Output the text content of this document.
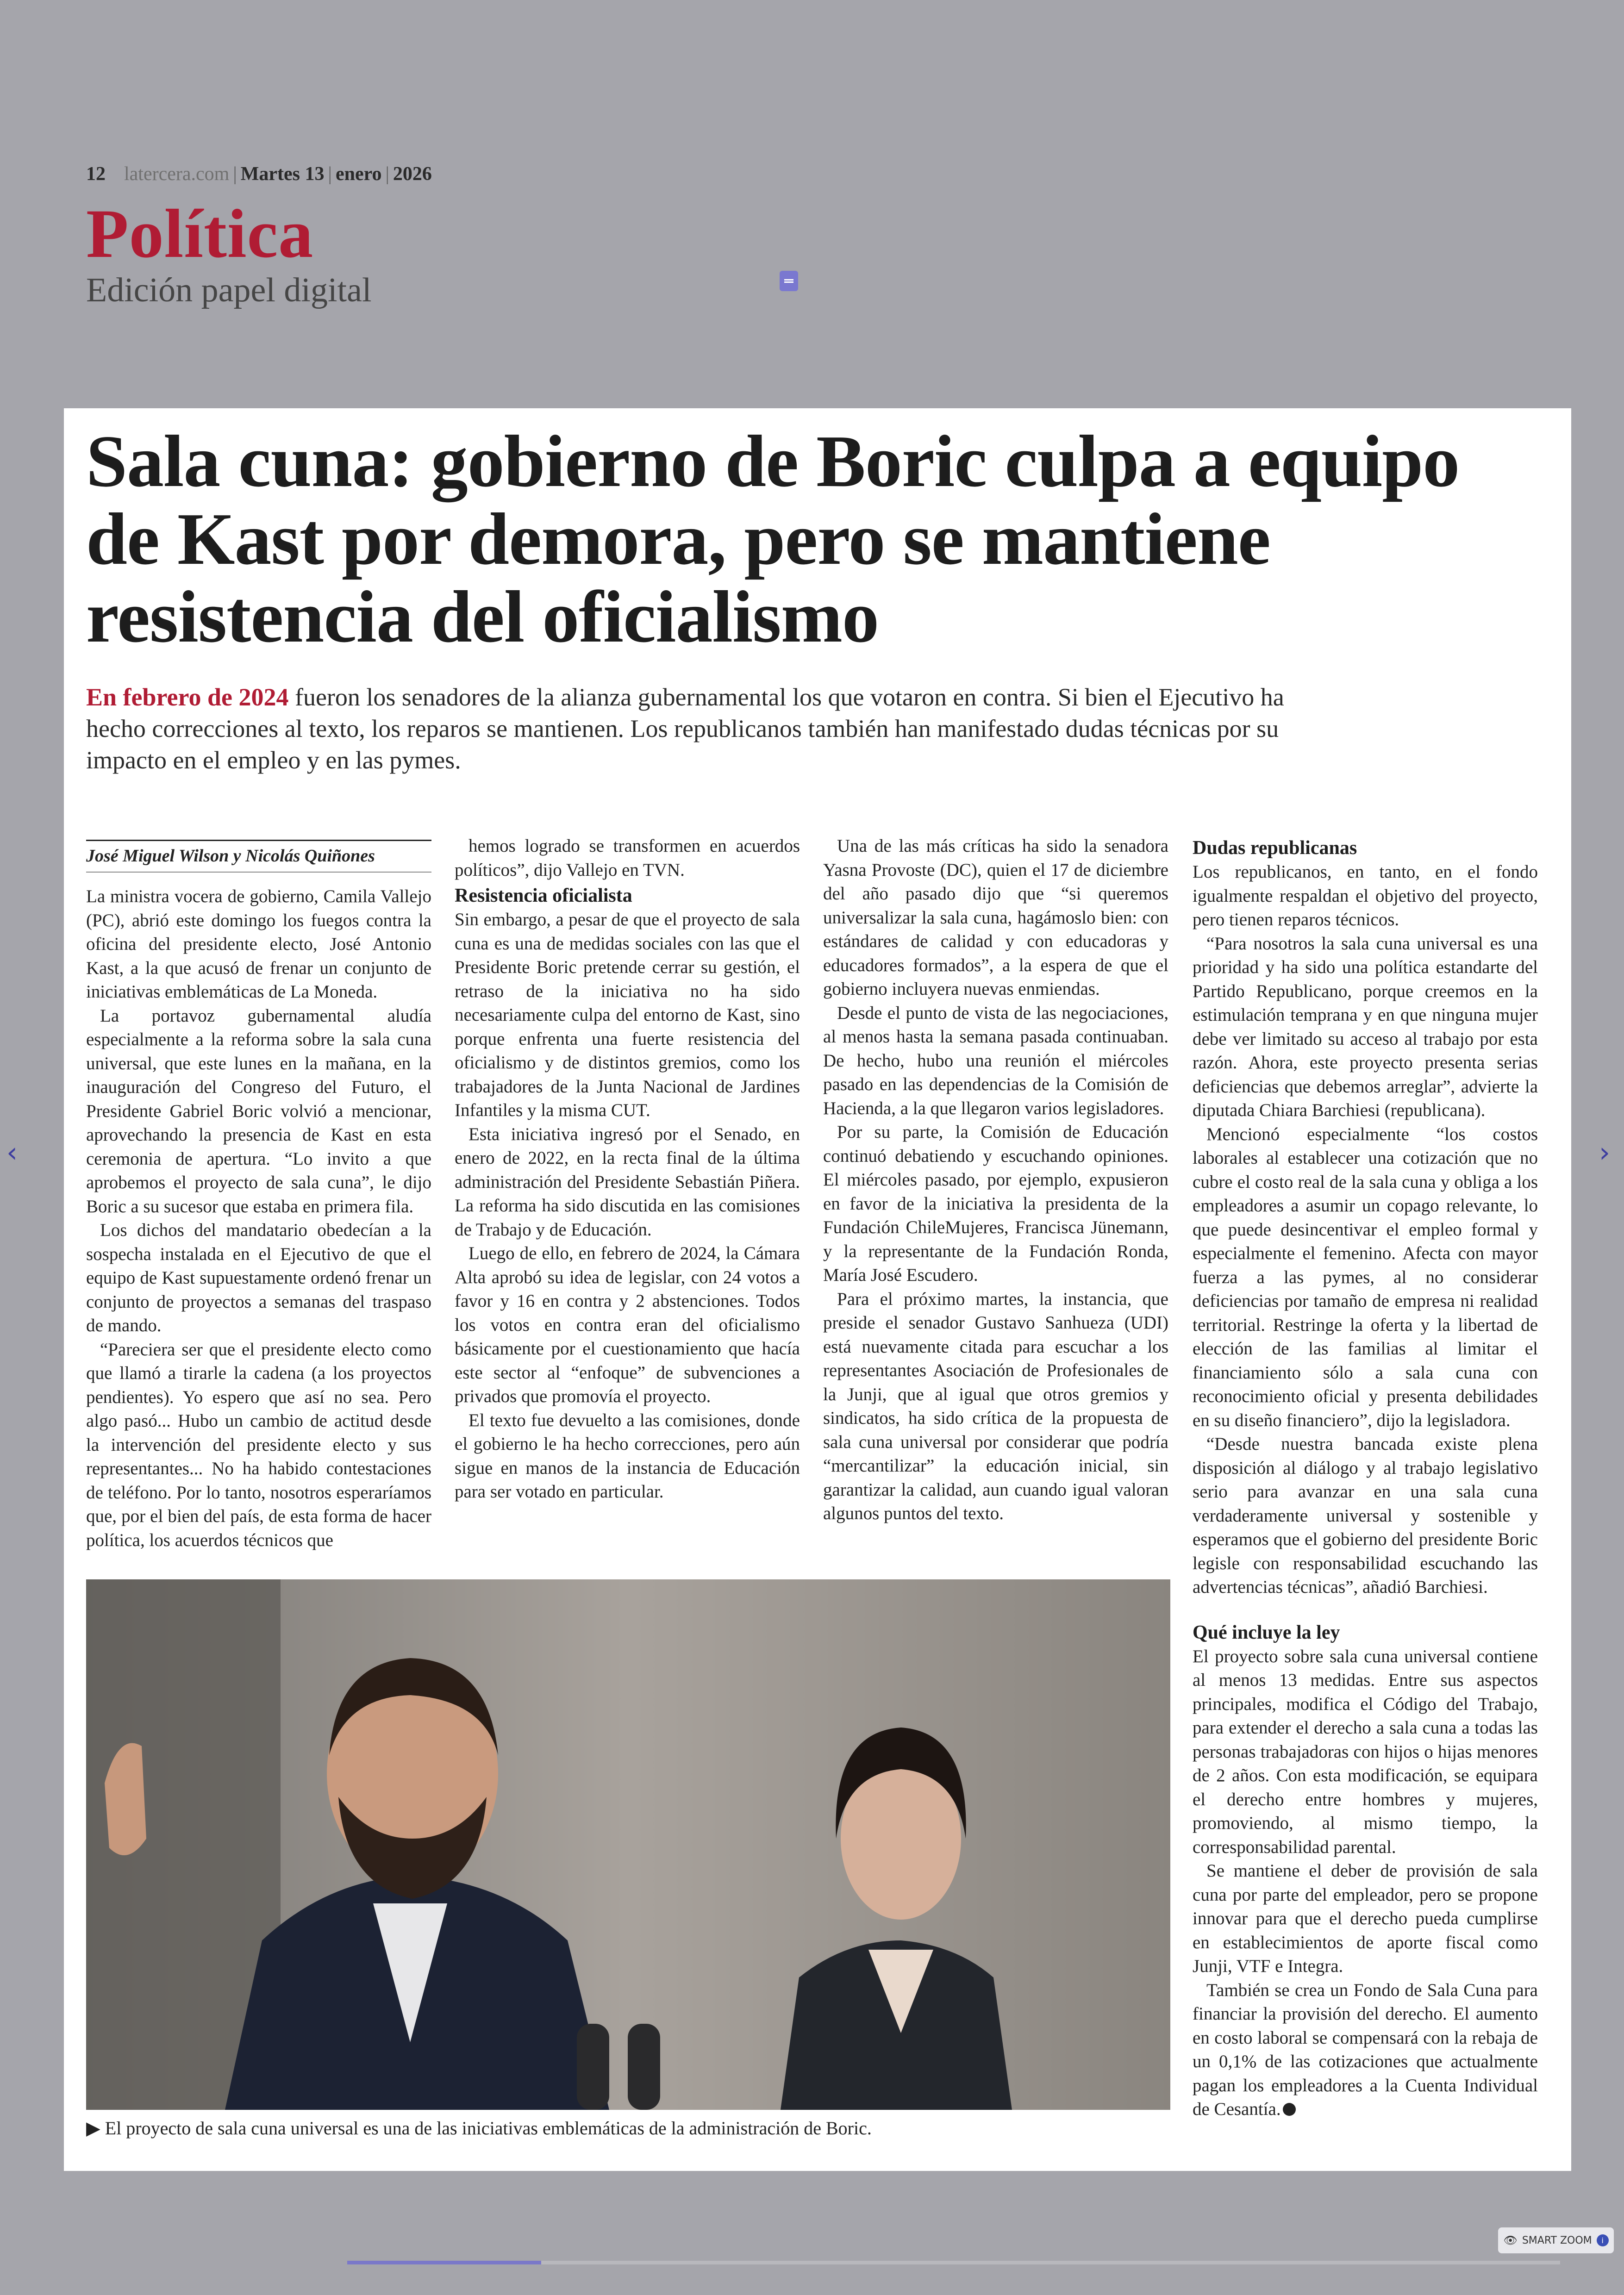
12 latercera.com | Martes 13 | enero | 2026
Política
Edición papel digital
Sala cuna: gobierno de Boric culpa a equipo de Kast por demora, pero se mantiene resistencia del oficialismo
En febrero de 2024 fueron los senadores de la alianza gubernamental los que votaron en contra. Si bien el Ejecutivo ha hecho correcciones al texto, los reparos se mantienen. Los republicanos también han manifestado dudas técnicas por su impacto en el empleo y en las pymes.
José Miguel Wilson y Nicolás Quiñones

La ministra vocera de gobierno, Camila Vallejo (PC), abrió este domingo los fuegos contra la oficina del presidente electo, José Antonio Kast, a la que acusó de frenar un conjunto de iniciativas emblemáticas de La Moneda.

La portavoz gubernamental aludía especialmente a la reforma sobre la sala cuna universal, que este lunes en la mañana, en la inauguración del Congreso del Futuro, el Presidente Gabriel Boric volvió a mencionar, aprovechando la presencia de Kast en esta ceremonia de apertura. “Lo invito a que aprobemos el proyecto de sala cuna”, le dijo Boric a su sucesor que estaba en primera fila.

Los dichos del mandatario obedecían a la sospecha instalada en el Ejecutivo de que el equipo de Kast supuestamente ordenó frenar un conjunto de proyectos a semanas del traspaso de mando.

“Pareciera ser que el presidente electo como que llamó a tirarle la cadena (a los proyectos pendientes). Yo espero que así no sea. Pero algo pasó... Hubo un cambio de actitud desde la intervención del presidente electo y sus representantes... No ha habido contestaciones de teléfono. Por lo tanto, nosotros esperaríamos que, por el bien del país, de esta forma de hacer política, los acuerdos técnicos que

hemos logrado se transformen en acuerdos políticos”, dijo Vallejo en TVN.

Resistencia oficialista

Sin embargo, a pesar de que el proyecto de sala cuna es una de medidas sociales con las que el Presidente Boric pretende cerrar su gestión, el retraso de la iniciativa no ha sido necesariamente culpa del entorno de Kast, sino porque enfrenta una fuerte resistencia del oficialismo y de distintos gremios, como los trabajadores de la Junta Nacional de Jardines Infantiles y la misma CUT.

Esta iniciativa ingresó por el Senado, en enero de 2022, en la recta final de la última administración del Presidente Sebastián Piñera. La reforma ha sido discutida en las comisiones de Trabajo y de Educación.

Luego de ello, en febrero de 2024, la Cámara Alta aprobó su idea de legislar, con 24 votos a favor y 16 en contra y 2 abstenciones. Todos los votos en contra eran del oficialismo básicamente por el cuestionamiento que hacía este sector al “enfoque” de subvenciones a privados que promovía el proyecto.

El texto fue devuelto a las comisiones, donde el gobierno le ha hecho correcciones, pero aún sigue en manos de la instancia de Educación para ser votado en particular.

Una de las más críticas ha sido la senadora Yasna Provoste (DC), quien el 17 de diciembre del año pasado dijo que “si queremos universalizar la sala cuna, hagámoslo bien: con estándares de calidad y con educadoras y educadores formados”, a la espera de que el gobierno incluyera nuevas enmiendas.

Desde el punto de vista de las negociaciones, al menos hasta la semana pasada continuaban. De hecho, hubo una reunión el miércoles pasado en las dependencias de la Comisión de Hacienda, a la que llegaron varios legisladores.

Por su parte, la Comisión de Educación continuó debatiendo y escuchando opiniones. El miércoles pasado, por ejemplo, expusieron en favor de la iniciativa la presidenta de la Fundación ChileMujeres, Francisca Jünemann, y la representante de la Fundación Ronda, María José Escudero.

Para el próximo martes, la instancia, que preside el senador Gustavo Sanhueza (UDI) está nuevamente citada para escuchar a los representantes Asociación de Profesionales de la Junji, que al igual que otros gremios y sindicatos, ha sido crítica de la propuesta de sala cuna universal por considerar que podría “mercantilizar” la educación inicial, sin garantizar la calidad, aun cuando igual valoran algunos puntos del texto.

Dudas republicanas

Los republicanos, en tanto, en el fondo igualmente respaldan el objetivo del proyecto, pero tienen reparos técnicos.

“Para nosotros la sala cuna universal es una prioridad y ha sido una política estandarte del Partido Republicano, porque creemos en la estimulación temprana y en que ninguna mujer debe ver limitado su acceso al trabajo por esta razón. Ahora, este proyecto presenta serias deficiencias que debemos arreglar”, advierte la diputada Chiara Barchiesi (republicana).

Mencionó especialmente “los costos laborales al establecer una cotización que no cubre el costo real de la sala cuna y obliga a los empleadores a asumir un copago relevante, lo que puede desincentivar el empleo formal y especialmente el femenino. Afecta con mayor fuerza a las pymes, al no considerar deficiencias por tamaño de empresa ni realidad territorial. Restringe la oferta y la libertad de elección de las familias al limitar el financiamiento sólo a sala cuna con reconocimiento oficial y presenta debilidades en su diseño financiero”, dijo la legisladora.

“Desde nuestra bancada existe plena disposición al diálogo y al trabajo legislativo serio para avanzar en una sala cuna verdaderamente universal y sostenible y esperamos que el gobierno del presidente Boric legisle con responsabilidad escuchando las advertencias técnicas”, añadió Barchiesi.

Qué incluye la ley

El proyecto sobre sala cuna universal contiene al menos 13 medidas. Entre sus aspectos principales, modifica el Código del Trabajo, para extender el derecho a sala cuna a todas las personas trabajadoras con hijos o hijas menores de 2 años. Con esta modificación, se equipara el derecho entre hombres y mujeres, promoviendo, al mismo tiempo, la corresponsabilidad parental.

Se mantiene el deber de provisión de sala cuna por parte del empleador, pero se propone innovar para que el derecho pueda cumplirse en establecimientos de aporte fiscal como Junji, VTF e Integra.

También se crea un Fondo de Sala Cuna para financiar la provisión del derecho. El aumento en costo laboral se compensará con la rebaja de un 0,1% de las cotizaciones que actualmente pagan los empleadores a la Cuenta Individual de Cesantía.

▶ El proyecto de sala cuna universal es una de las iniciativas emblemáticas de la administración de Boric.
‹	›
👁 SMART ZOOM	i
